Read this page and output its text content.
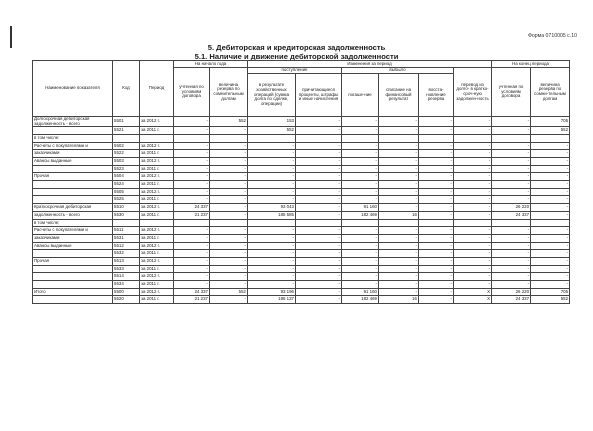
Форма 0710005 с.10
5. Дебиторская и кредиторская задолженность
5.1. Наличие и движение дебиторской задолженности
Наименование показателя	Код	Период	На начало года		Изменения за период						На конец периода	
			учтенная по условиям договора	величина резерва по сомнительным долгам	поступление		выбыло			перевод из долго- в кратко-сроч-ную задолжен-ность	учтенная по условиям договора	величина резерва по сомни-тельным долгам
					в результате хозяйственных операций (сумма долга по сделке, операции)	причитающиеся проценты, штрафы и иные начисления	погаше-ние	списание на финансовый результат	восста-новление резерва			
Долгосрочная дебиторская задолженность - всего	5501	за 2012 г.	-	552	153	-	-	-	-	-	-	705
	5521	за 2011 г.	-	-	552	-	-	-	-	-	-	552
в том числе:												
Расчеты с покупателями и	5502	за 2012 г.	-	-	-	-	-	-	-	-	-	-
заказчиками	5522	за 2011 г.	-	-	-	-	-	-	-	-	-	-
Авансы выданные	5503	за 2012 г.	-	-	-	-	-	-	-	-	-	-
	5523	за 2011 г.	-	-	-	-	-	-	-	-	-	-
Прочая	5504	за 2012 г.	-	-	-	-	-	-	-	-	-	-
	5524	за 2011 г.	-	-	-	-	-	-	-	-	-	-
	5505	за 2012 г.	-	-	-	-	-	-	-	-	-	-
	5525	за 2011 г.	-	-	-	-	-	-	-	-	-	-
Краткосрочная дебиторская	5510	за 2012 г.	24 337	-	93 043	-	91 160	-	-	-	26 220	-
задолженность - всего	5530	за 2011 г.	21 237	-	185 585	-	182 469	16	-	-	24 337	-
в том числе:												
Расчеты с покупателями и	5511	за 2012 г.	-	-	-	-	-	-	-	-	-	-
заказчиками	5531	за 2011 г.	-	-	-	-	-	-	-	-	-	-
Авансы выданные	5512	за 2012 г.	-	-	-	-	-	-	-	-	-	-
	5532	за 2011 г.	-	-	-	-	-	-	-	-	-	-
Прочая	5513	за 2012 г.	-	-	-	-	-	-	-	-	-	-
	5533	за 2011 г.	-	-	-	-	-	-	-	-	-	-
	5514	за 2012 г.	-	-	-	-	-	-	-	-	-	-
	5534	за 2011 г.	-	-	-	-	-	-	-	-	-	-
Итого	5500	за 2012 г.	24 337	552	93 196	-	91 160	-	-	X	26 220	705
	5520	за 2011 г.	21 237	-	186 137	-	182 469	16	-	X	24 337	552
